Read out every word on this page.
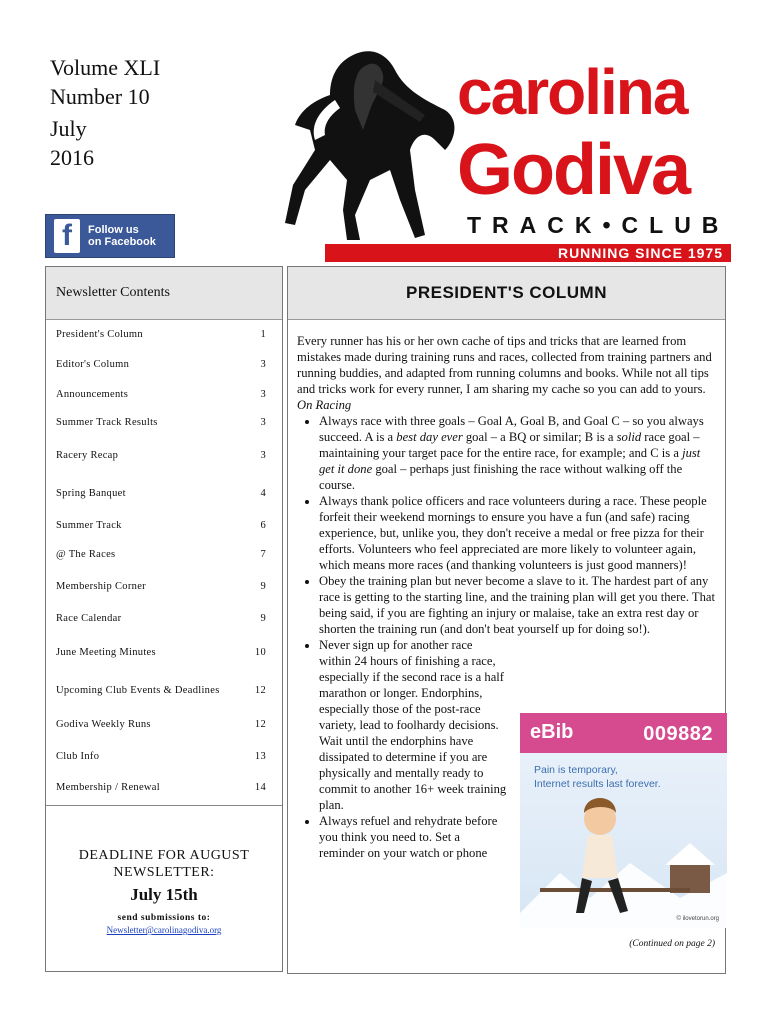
Volume XLI
Number 10
July
2016
f	Follow us
on Facebook
carolina
Godiva
TRACK•CLUB
RUNNING SINCE 1975
Newsletter Contents
President's Column	1
Editor's Column	3
Announcements	3
Summer Track Results	3
Racery Recap	3
Spring Banquet	4
Summer Track	6
@ The Races	7
Membership Corner	9
Race Calendar	9
June Meeting Minutes	10
Upcoming Club Events & Deadlines	12
Godiva Weekly Runs	12
Club Info	13
Membership / Renewal	14
DEADLINE FOR AUGUST NEWSLETTER:
July 15th
send submissions to:
Newsletter@carolinagodiva.org
PRESIDENT'S COLUMN

Every runner has his or her own cache of tips and tricks that are learned from mistakes made during training runs and races, collected from training partners and running buddies, and adapted from running columns and books. While not all tips and tricks work for every runner, I am sharing my cache so you can add to yours.

On Racing

• Always race with three goals – Goal A, Goal B, and Goal C – so you always succeed. A is a best day ever goal – a BQ or similar; B is a solid race goal – maintaining your target pace for the entire race, for example; and C is a just get it done goal – perhaps just finishing the race without walking off the course.
• Always thank police officers and race volunteers during a race. These people forfeit their weekend mornings to ensure you have a fun (and safe) racing experience, but, unlike you, they don't receive a medal or free pizza for their efforts. Volunteers who feel appreciated are more likely to volunteer again, which means more races (and thanking volunteers is just good manners)!
• Obey the training plan but never become a slave to it. The hardest part of any race is getting to the starting line, and the training plan will get you there. That being said, if you are fighting an injury or malaise, take an extra rest day or shorten the training run (and don't beat yourself up for doing so!).
• Never sign up for another race within 24 hours of finishing a race, especially if the second race is a half marathon or longer. Endorphins, especially those of the post-race variety, lead to foolhardy decisions. Wait until the endorphins have dissipated to determine if you are physically and mentally ready to commit to another 16+ week training plan.
• Always refuel and rehydrate before you think you need to. Set a reminder on your watch or phone
eBib	009882
Pain is temporary,
Internet results last forever.
© ilovetorun.org
(Continued on page 2)
